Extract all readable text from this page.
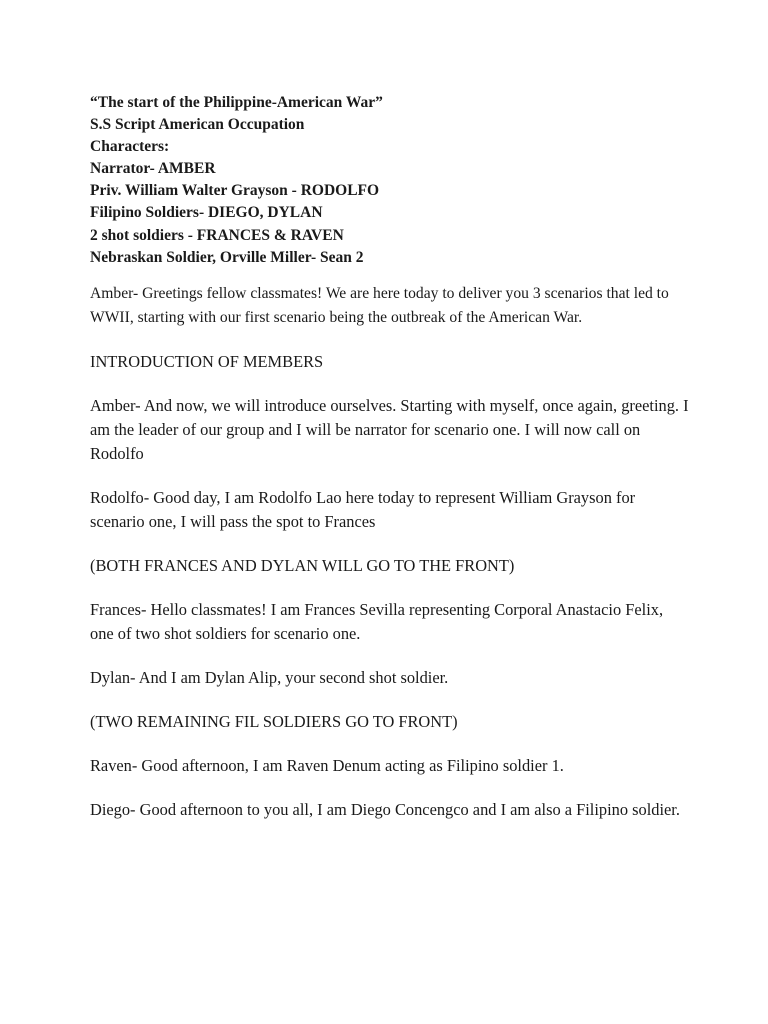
“The start of the Philippine-American War”
S.S Script American Occupation
Characters:
Narrator- AMBER
Priv. William Walter Grayson - RODOLFO
Filipino Soldiers- DIEGO, DYLAN
2 shot soldiers - FRANCES & RAVEN
Nebraskan Soldier, Orville Miller- Sean 2

Amber- Greetings fellow classmates! We are here today to deliver you 3 scenarios that led to WWII, starting with our first scenario being the outbreak of the American War.

INTRODUCTION OF MEMBERS

Amber- And now, we will introduce ourselves. Starting with myself, once again, greeting. I am the leader of our group and I will be narrator for scenario one. I will now call on Rodolfo

Rodolfo- Good day, I am Rodolfo Lao here today to represent William Grayson for scenario one, I will pass the spot to Frances

(BOTH FRANCES AND DYLAN WILL GO TO THE FRONT)

Frances- Hello classmates! I am Frances Sevilla representing Corporal Anastacio Felix, one of two shot soldiers for scenario one.

Dylan- And I am Dylan Alip, your second shot soldier.

(TWO REMAINING FIL SOLDIERS GO TO FRONT)

Raven- Good afternoon, I am Raven Denum acting as Filipino soldier 1.

Diego- Good afternoon to you all, I am Diego Concengco and I am also a Filipino soldier.
